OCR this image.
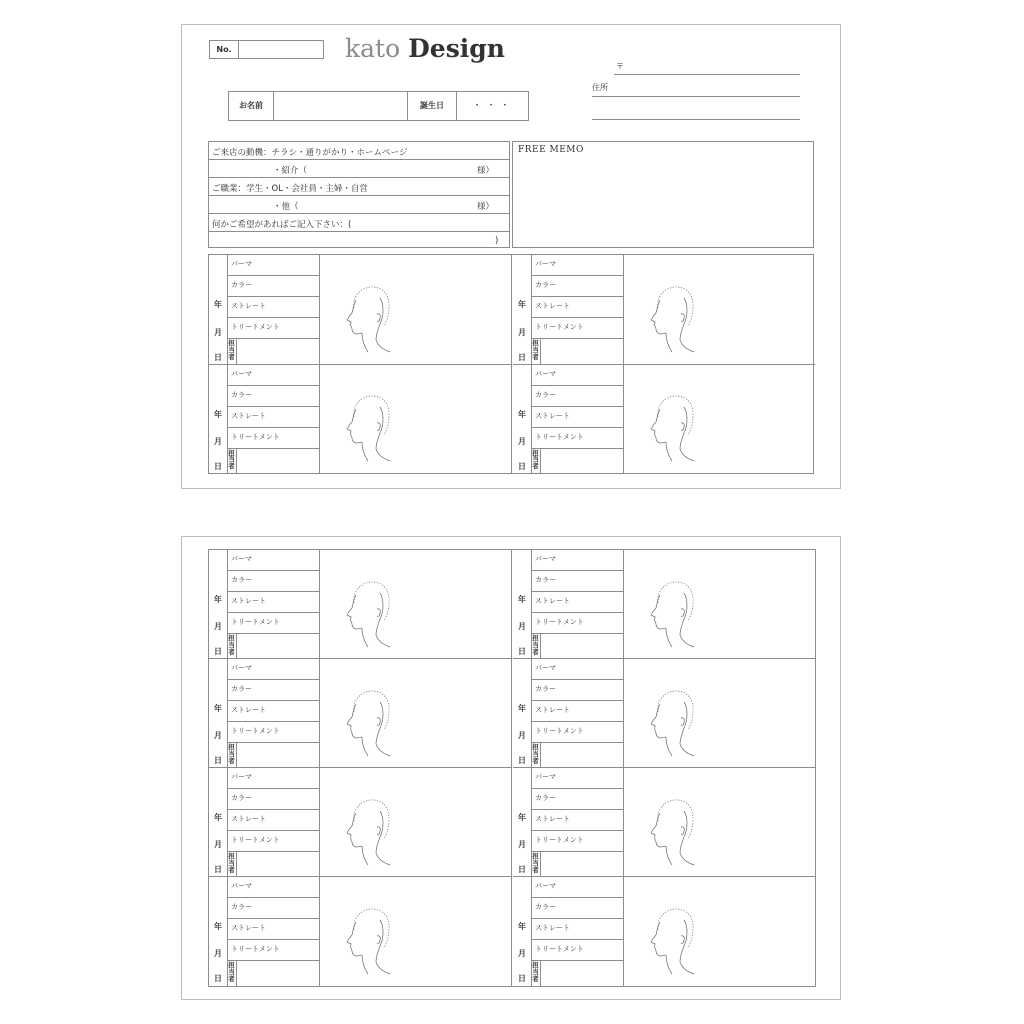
No.	kato Design
〒
住所
お名前	誕生日	・ ・ ・
ご来店の動機：チラシ・通りがかり・ホームページ
・紹介（	様）
ご職業：学生・OL・会社員・主婦・自営
・他（	様）
何かご希望があればご記入下さい：(
)
FREE MEMO
年
月
日
パーマ
カラー
ストレート
トリートメント
担
当
者
年
月
日
パーマ
カラー
ストレート
トリートメント
担
当
者
年
月
日
パーマ
カラー
ストレート
トリートメント
担
当
者
年
月
日
パーマ
カラー
ストレート
トリートメント
担
当
者
年
月
日
パーマ
カラー
ストレート
トリートメント
担
当
者
年
月
日
パーマ
カラー
ストレート
トリートメント
担
当
者
年
月
日
パーマ
カラー
ストレート
トリートメント
担
当
者
年
月
日
パーマ
カラー
ストレート
トリートメント
担
当
者
年
月
日
パーマ
カラー
ストレート
トリートメント
担
当
者
年
月
日
パーマ
カラー
ストレート
トリートメント
担
当
者
年
月
日
パーマ
カラー
ストレート
トリートメント
担
当
者
年
月
日
パーマ
カラー
ストレート
トリートメント
担
当
者
